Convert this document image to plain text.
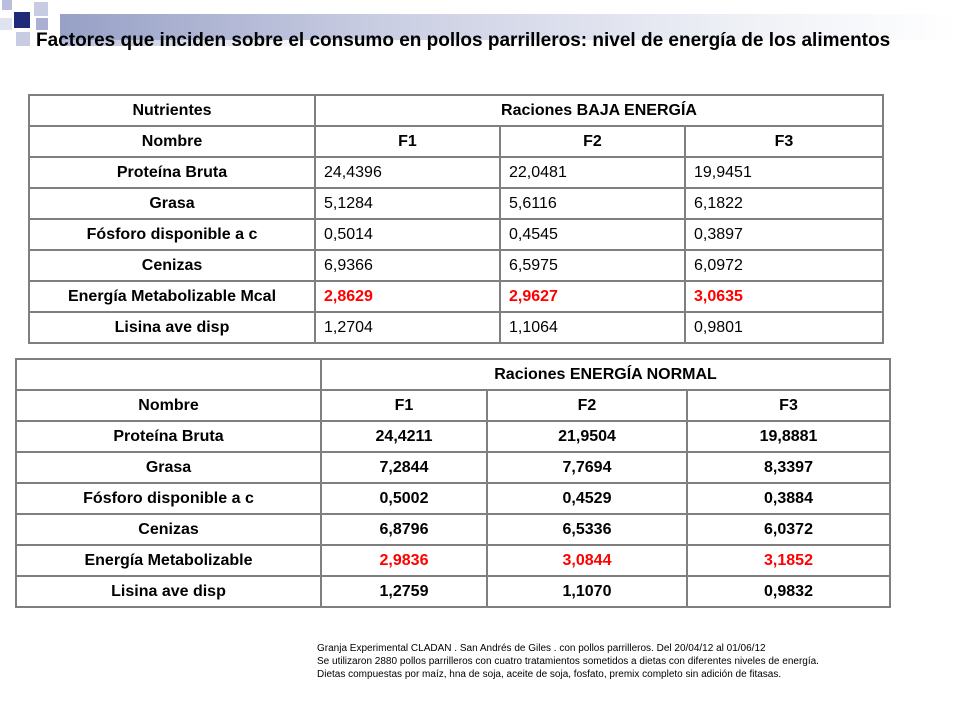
Factores que inciden sobre el consumo en pollos parrilleros: nivel de energía de los alimentos
Nutrientes	Raciones BAJA ENERGÍA		
Nombre	F1	F2	F3
Proteína Bruta	24,4396	22,0481	19,9451
Grasa	5,1284	5,6116	6,1822
Fósforo disponible a c	0,5014	0,4545	0,3897
Cenizas	6,9366	6,5975	6,0972
Energía Metabolizable Mcal	2,8629	2,9627	3,0635
Lisina ave disp	1,2704	1,1064	0,9801
	Raciones ENERGÍA NORMAL		
Nombre	F1	F2	F3
Proteína Bruta	24,4211	21,9504	19,8881
Grasa	7,2844	7,7694	8,3397
Fósforo disponible a c	0,5002	0,4529	0,3884
Cenizas	6,8796	6,5336	6,0372
Energía Metabolizable	2,9836	3,0844	3,1852
Lisina ave disp	1,2759	1,1070	0,9832
Granja Experimental CLADAN . San Andrés de Giles . con pollos parrilleros. Del 20/04/12 al 01/06/12
Se utilizaron 2880 pollos parrilleros con cuatro tratamientos sometidos a dietas con diferentes niveles de energía.
Dietas compuestas por maíz, hna de soja, aceite de soja, fosfato, premix completo sin adición de fitasas.
